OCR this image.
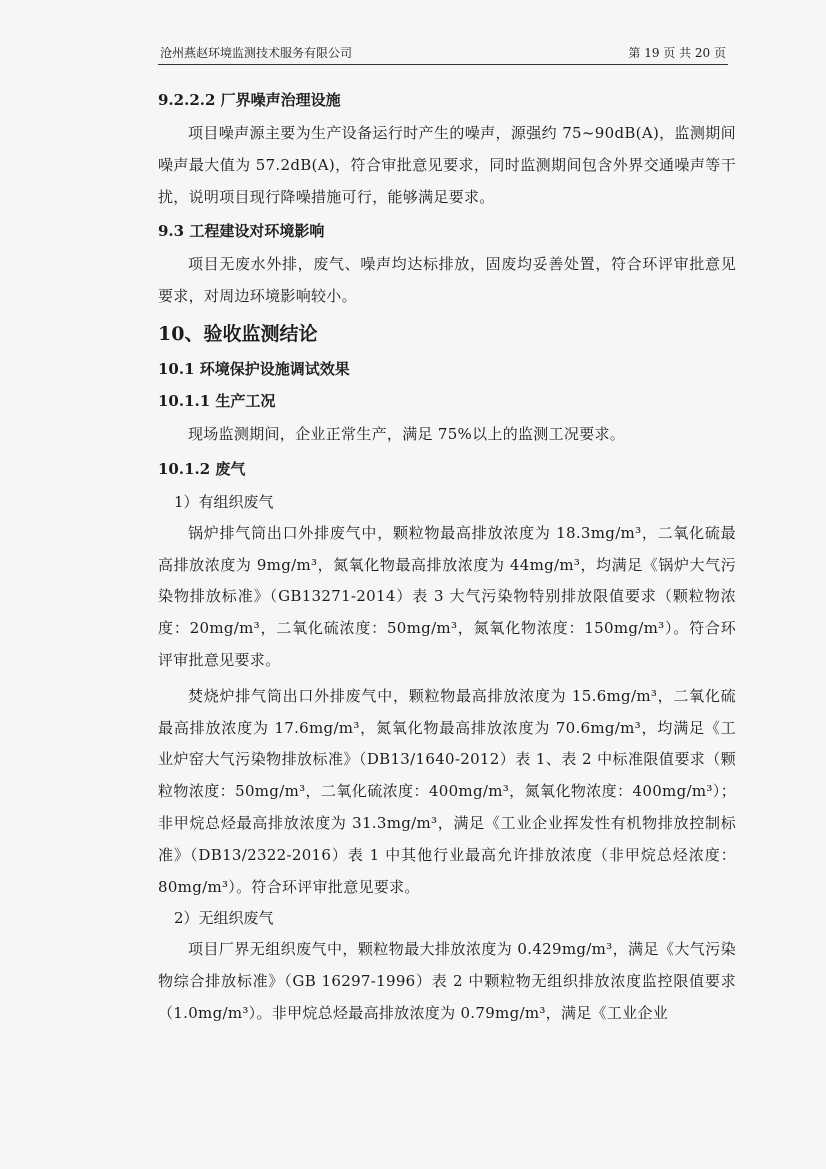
沧州燕赵环境监测技术服务有限公司	第 19 页 共 20 页
9.2.2.2 厂界噪声治理设施

项目噪声源主要为生产设备运行时产生的噪声，源强约 75~90dB(A)，监测期间噪声最大值为 57.2dB(A)，符合审批意见要求，同时监测期间包含外界交通噪声等干扰，说明项目现行降噪措施可行，能够满足要求。

9.3 工程建设对环境影响

项目无废水外排，废气、噪声均达标排放，固废均妥善处置，符合环评审批意见要求，对周边环境影响较小。

10、验收监测结论
10.1 环境保护设施调试效果
10.1.1 生产工况

现场监测期间，企业正常生产，满足 75%以上的监测工况要求。

10.1.2 废气
1）有组织废气

锅炉排气筒出口外排废气中，颗粒物最高排放浓度为 18.3mg/m³，二氧化硫最高排放浓度为 9mg/m³，氮氧化物最高排放浓度为 44mg/m³，均满足《锅炉大气污染物排放标准》（GB13271-2014）表 3 大气污染物特别排放限值要求（颗粒物浓度：20mg/m³，二氧化硫浓度：50mg/m³，氮氧化物浓度：150mg/m³）。符合环评审批意见要求。

焚烧炉排气筒出口外排废气中，颗粒物最高排放浓度为 15.6mg/m³，二氧化硫最高排放浓度为 17.6mg/m³，氮氧化物最高排放浓度为 70.6mg/m³，均满足《工业炉窑大气污染物排放标准》（DB13/1640-2012）表 1、表 2 中标准限值要求（颗粒物浓度：50mg/m³，二氧化硫浓度：400mg/m³，氮氧化物浓度：400mg/m³）；非甲烷总烃最高排放浓度为 31.3mg/m³，满足《工业企业挥发性有机物排放控制标准》（DB13/2322-2016）表 1 中其他行业最高允许排放浓度（非甲烷总烃浓度：80mg/m³）。符合环评审批意见要求。

2）无组织废气

项目厂界无组织废气中，颗粒物最大排放浓度为 0.429mg/m³，满足《大气污染物综合排放标准》（GB 16297-1996）表 2 中颗粒物无组织排放浓度监控限值要求（1.0mg/m³）。非甲烷总烃最高排放浓度为 0.79mg/m³，满足《工业企业
